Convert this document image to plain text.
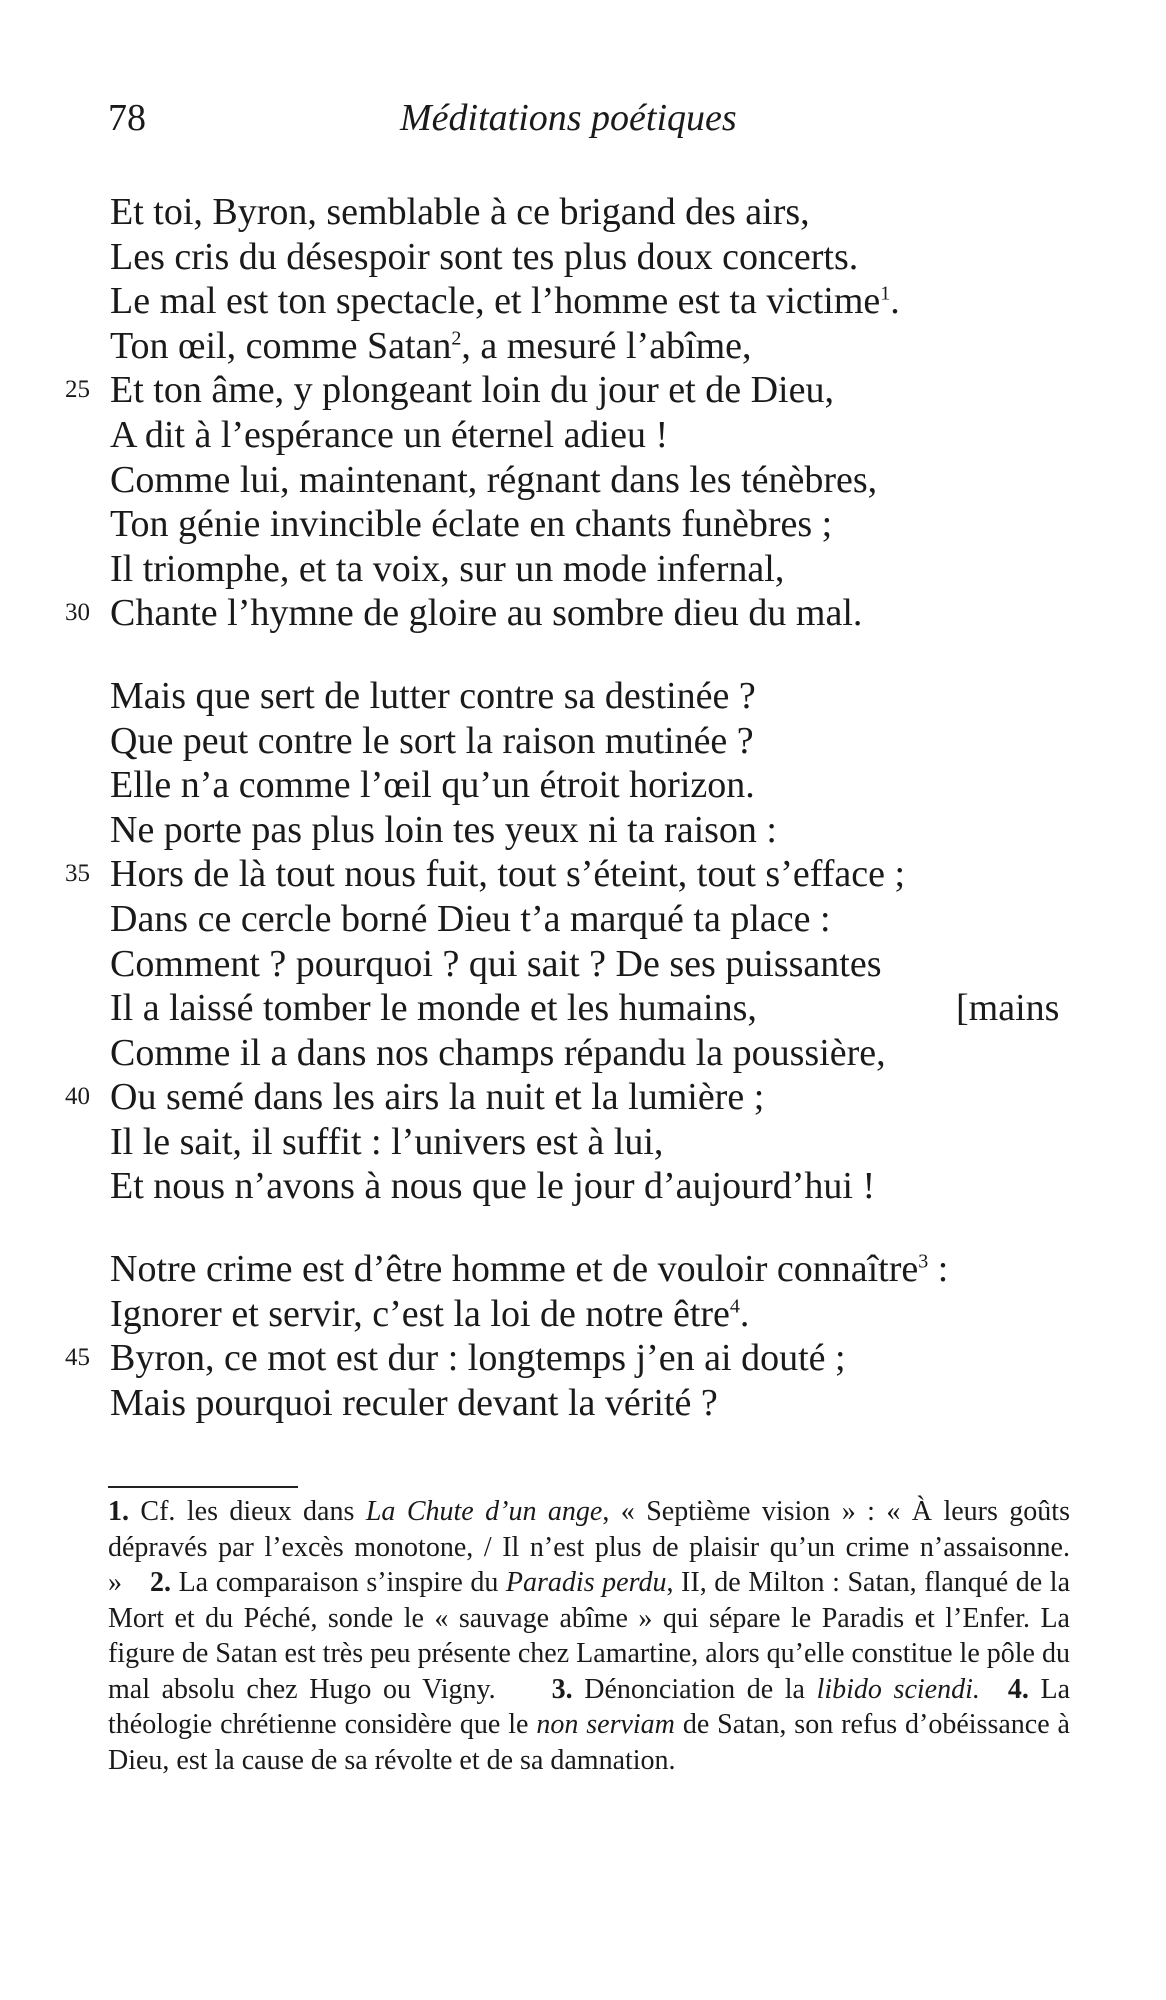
78	Méditations poétiques
Et toi, Byron, semblable à ce brigand des airs,
Les cris du désespoir sont tes plus doux concerts.
Le mal est ton spectacle, et l’homme est ta victime$^1$.
Ton œil, comme Satan$^2$, a mesuré l’abîme,
25 Et ton âme, y plongeant loin du jour et de Dieu,
A dit à l’espérance un éternel adieu !
Comme lui, maintenant, régnant dans les ténèbres,
Ton génie invincible éclate en chants funèbres ;
Il triomphe, et ta voix, sur un mode infernal,
30 Chante l’hymne de gloire au sombre dieu du mal.
Mais que sert de lutter contre sa destinée ?
Que peut contre le sort la raison mutinée ?
Elle n’a comme l’œil qu’un étroit horizon.
Ne porte pas plus loin tes yeux ni ta raison :
35 Hors de là tout nous fuit, tout s’éteint, tout s’efface ;
Dans ce cercle borné Dieu t’a marqué ta place :
Comment ? pourquoi ? qui sait ? De ses puissantes
Il a laissé tomber le monde et les humains,	[mains
Comme il a dans nos champs répandu la poussière,
40 Ou semé dans les airs la nuit et la lumière ;
Il le sait, il suffit : l’univers est à lui,
Et nous n’avons à nous que le jour d’aujourd’hui !
Notre crime est d’être homme et de vouloir connaître$^3$ :
Ignorer et servir, c’est la loi de notre être$^4$.
45 Byron, ce mot est dur : longtemps j’en ai douté ;
Mais pourquoi reculer devant la vérité ?
1. Cf. les dieux dans La Chute d’un ange, « Septième vision » : « À leurs goûts dépravés par l’excès monotone, / Il n’est plus de plaisir qu’un crime n’assaisonne. »  2. La comparaison s’inspire du Paradis perdu, II, de Milton : Satan, flanqué de la Mort et du Péché, sonde le « sauvage abîme » qui sépare le Paradis et l’Enfer. La figure de Satan est très peu présente chez Lamartine, alors qu’elle constitue le pôle du mal absolu chez Hugo ou Vigny.   3. Dénonciation de la libido sciendi.  4. La théologie chrétienne considère que le non serviam de Satan, son refus d’obéissance à Dieu, est la cause de sa révolte et de sa damnation.
